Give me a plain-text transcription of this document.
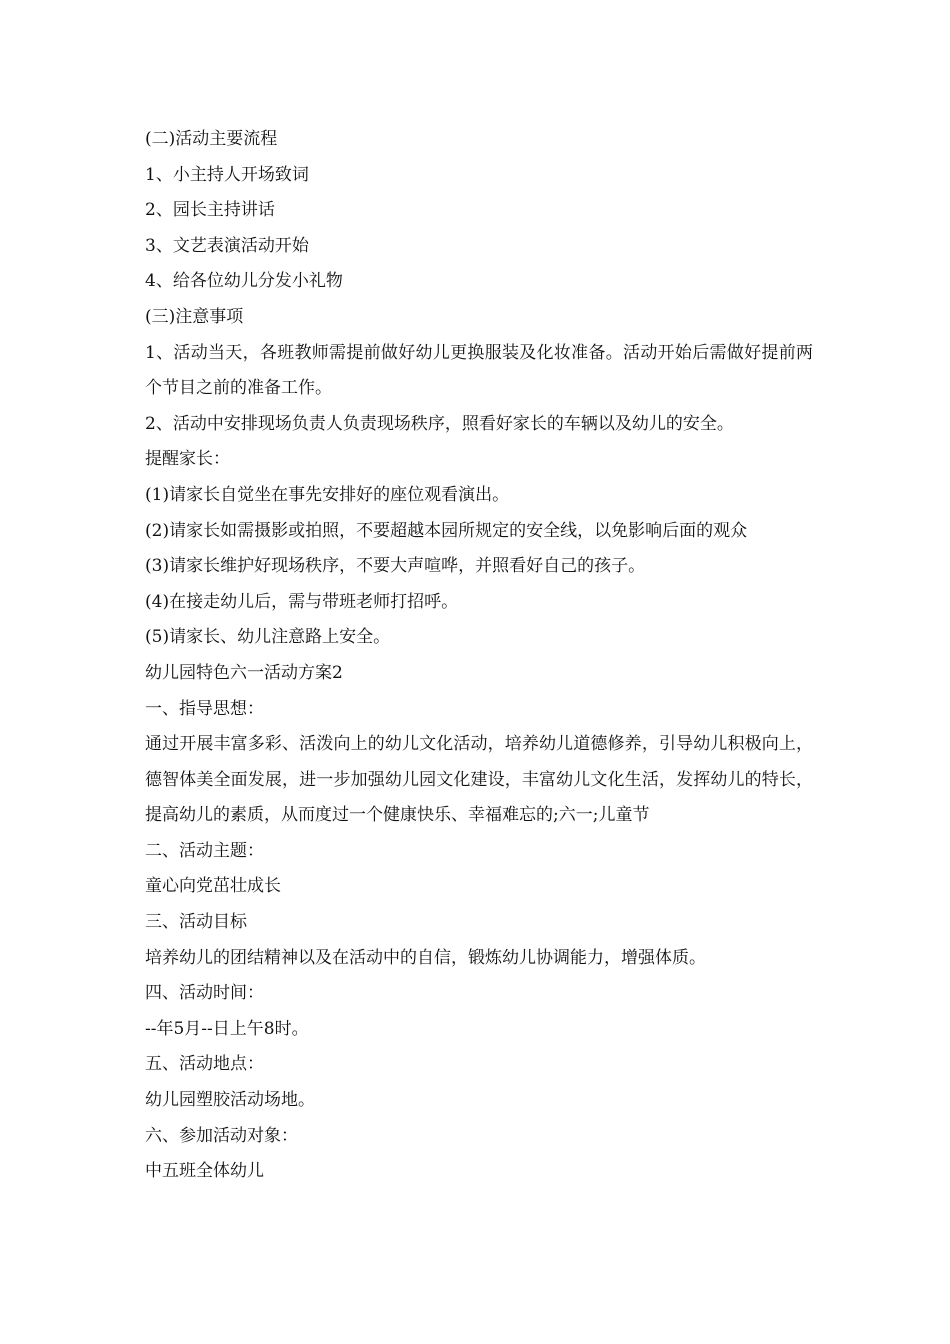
(二)活动主要流程
1、小主持人开场致词
2、园长主持讲话
3、文艺表演活动开始
4、给各位幼儿分发小礼物
(三)注意事项

1、活动当天，各班教师需提前做好幼儿更换服装及化妆准备。活动开始后需做好提前两个节目之前的准备工作。

2、活动中安排现场负责人负责现场秩序，照看好家长的车辆以及幼儿的安全。

提醒家长：
(1)请家长自觉坐在事先安排好的座位观看演出。
(2)请家长如需摄影或拍照，不要超越本园所规定的安全线，以免影响后面的观众
(3)请家长维护好现场秩序，不要大声喧哗，并照看好自己的孩子。
(4)在接走幼儿后，需与带班老师打招呼。
(5)请家长、幼儿注意路上安全。
幼儿园特色六一活动方案2
一、指导思想：

通过开展丰富多彩、活泼向上的幼儿文化活动，培养幼儿道德修养，引导幼儿积极向上，德智体美全面发展，进一步加强幼儿园文化建设，丰富幼儿文化生活，发挥幼儿的特长，提高幼儿的素质，从而度过一个健康快乐、幸福难忘的;六一;儿童节

二、活动主题：
童心向党茁壮成长
三、活动目标
培养幼儿的团结精神以及在活动中的自信，锻炼幼儿协调能力，增强体质。
四、活动时间：
--年5月--日上午8时。
五、活动地点：
幼儿园塑胶活动场地。
六、参加活动对象：
中五班全体幼儿
